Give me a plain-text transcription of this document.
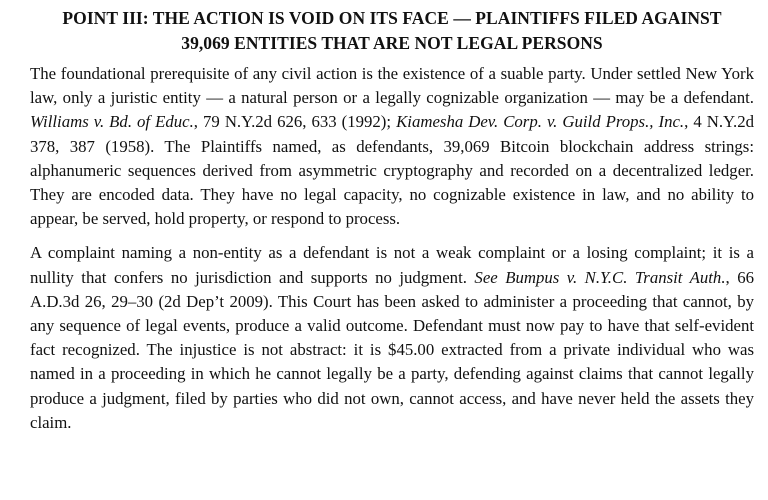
POINT III: THE ACTION IS VOID ON ITS FACE — PLAINTIFFS FILED AGAINST
39,069 ENTITIES THAT ARE NOT LEGAL PERSONS

The foundational prerequisite of any civil action is the existence of a suable party. Under settled New York law, only a juristic entity — a natural person or a legally cognizable organization — may be a defendant. Williams v. Bd. of Educ., 79 N.Y.2d 626, 633 (1992); Kiamesha Dev. Corp. v. Guild Props., Inc., 4 N.Y.2d 378, 387 (1958). The Plaintiffs named, as defendants, 39,069 Bitcoin blockchain address strings: alphanumeric sequences derived from asymmetric cryptography and recorded on a decentralized ledger. They are encoded data. They have no legal capacity, no cognizable existence in law, and no ability to appear, be served, hold property, or respond to process.

A complaint naming a non-entity as a defendant is not a weak complaint or a losing complaint; it is a nullity that confers no jurisdiction and supports no judgment. See Bumpus v. N.Y.C. Transit Auth., 66 A.D.3d 26, 29–30 (2d Dep’t 2009). This Court has been asked to administer a proceeding that cannot, by any sequence of legal events, produce a valid outcome. Defendant must now pay to have that self-evident fact recognized. The injustice is not abstract: it is $45.00 extracted from a private individual who was named in a proceeding in which he cannot legally be a party, defending against claims that cannot legally produce a judgment, filed by parties who did not own, cannot access, and have never held the assets they claim.
